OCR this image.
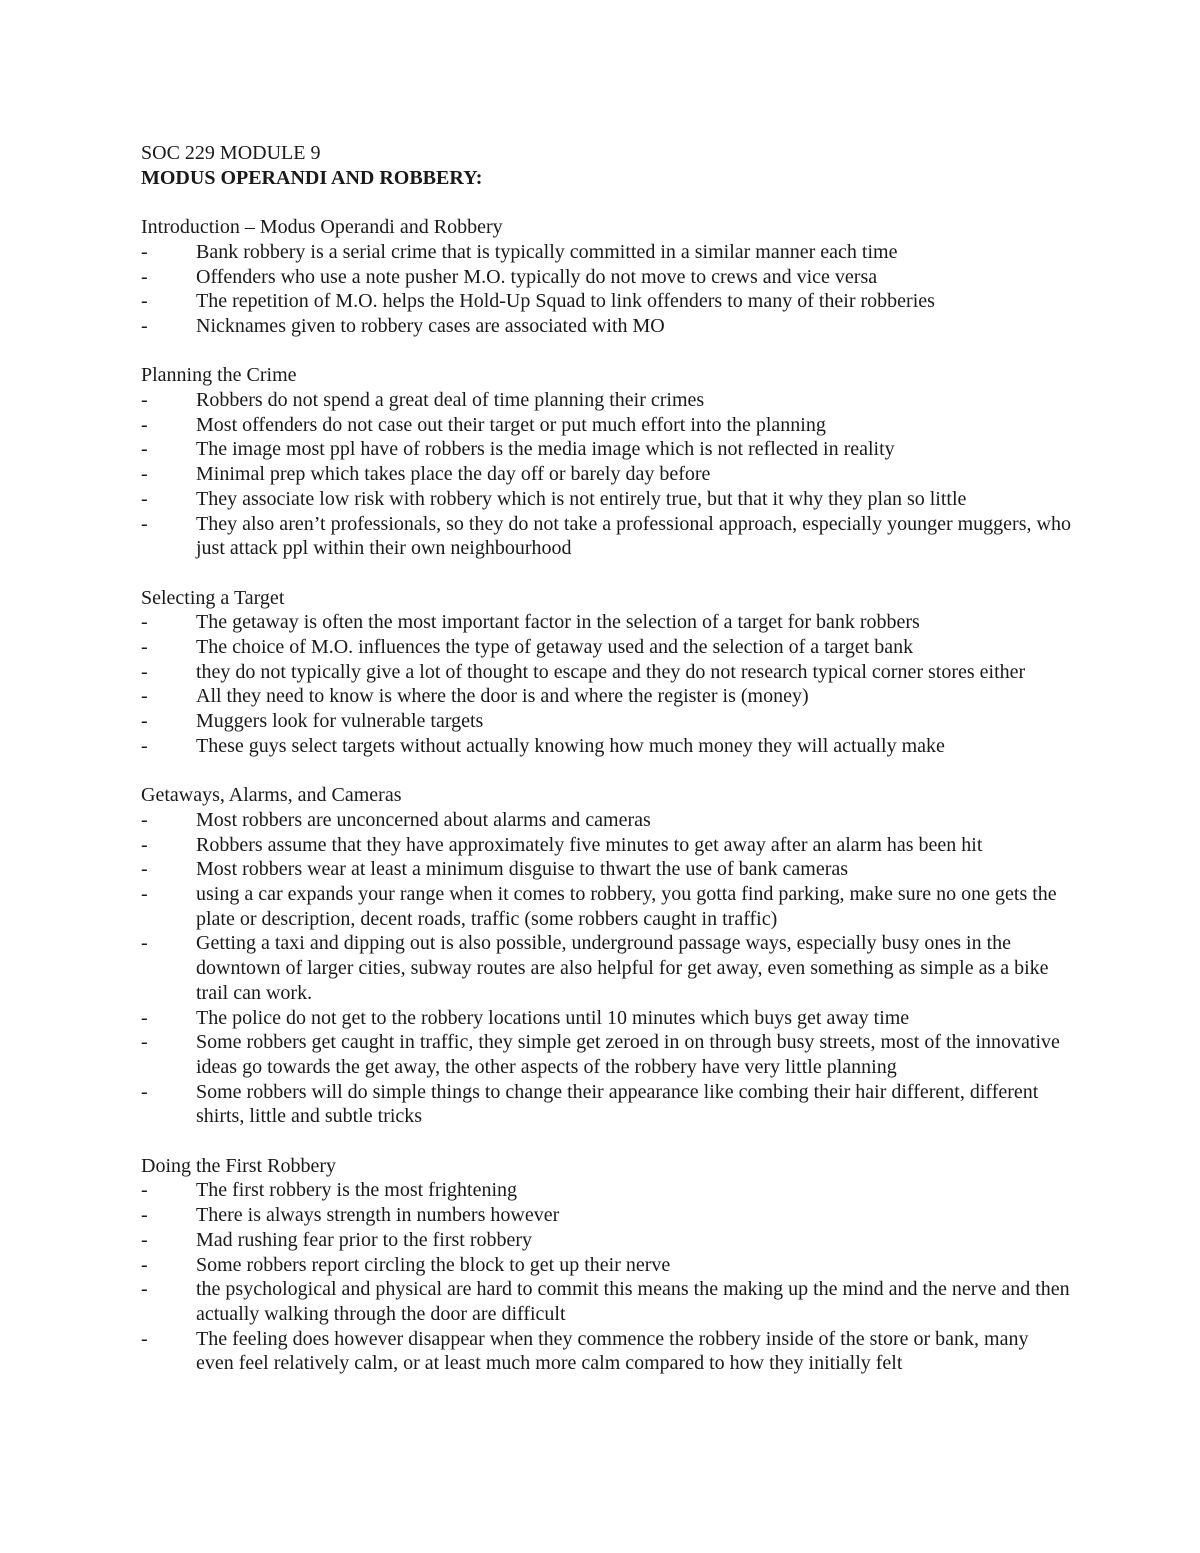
SOC 229 MODULE 9
MODUS OPERANDI AND ROBBERY:
Introduction – Modus Operandi and Robbery
- Bank robbery is a serial crime that is typically committed in a similar manner each time
- Offenders who use a note pusher M.O. typically do not move to crews and vice versa
- The repetition of M.O. helps the Hold-Up Squad to link offenders to many of their robberies
- Nicknames given to robbery cases are associated with MO
Planning the Crime
- Robbers do not spend a great deal of time planning their crimes
- Most offenders do not case out their target or put much effort into the planning
- The image most ppl have of robbers is the media image which is not reflected in reality
- Minimal prep which takes place the day off or barely day before
- They associate low risk with robbery which is not entirely true, but that it why they plan so little
- They also aren’t professionals, so they do not take a professional approach, especially younger muggers, who just attack ppl within their own neighbourhood
Selecting a Target
- The getaway is often the most important factor in the selection of a target for bank robbers
- The choice of M.O. influences the type of getaway used and the selection of a target bank
- they do not typically give a lot of thought to escape and they do not research typical corner stores either
- All they need to know is where the door is and where the register is (money)
- Muggers look for vulnerable targets
- These guys select targets without actually knowing how much money they will actually make
Getaways, Alarms, and Cameras
- Most robbers are unconcerned about alarms and cameras
- Robbers assume that they have approximately five minutes to get away after an alarm has been hit
- Most robbers wear at least a minimum disguise to thwart the use of bank cameras
- using a car expands your range when it comes to robbery, you gotta find parking, make sure no one gets the plate or description, decent roads, traffic (some robbers caught in traffic)
- Getting a taxi and dipping out is also possible, underground passage ways, especially busy ones in the downtown of larger cities, subway routes are also helpful for get away, even something as simple as a bike trail can work.
- The police do not get to the robbery locations until 10 minutes which buys get away time
- Some robbers get caught in traffic, they simple get zeroed in on through busy streets, most of the innovative ideas go towards the get away, the other aspects of the robbery have very little planning
- Some robbers will do simple things to change their appearance like combing their hair different, different shirts, little and subtle tricks
Doing the First Robbery
- The first robbery is the most frightening
- There is always strength in numbers however
- Mad rushing fear prior to the first robbery
- Some robbers report circling the block to get up their nerve
- the psychological and physical are hard to commit this means the making up the mind and the nerve and then actually walking through the door are difficult
- The feeling does however disappear when they commence the robbery inside of the store or bank, many even feel relatively calm, or at least much more calm compared to how they initially felt
